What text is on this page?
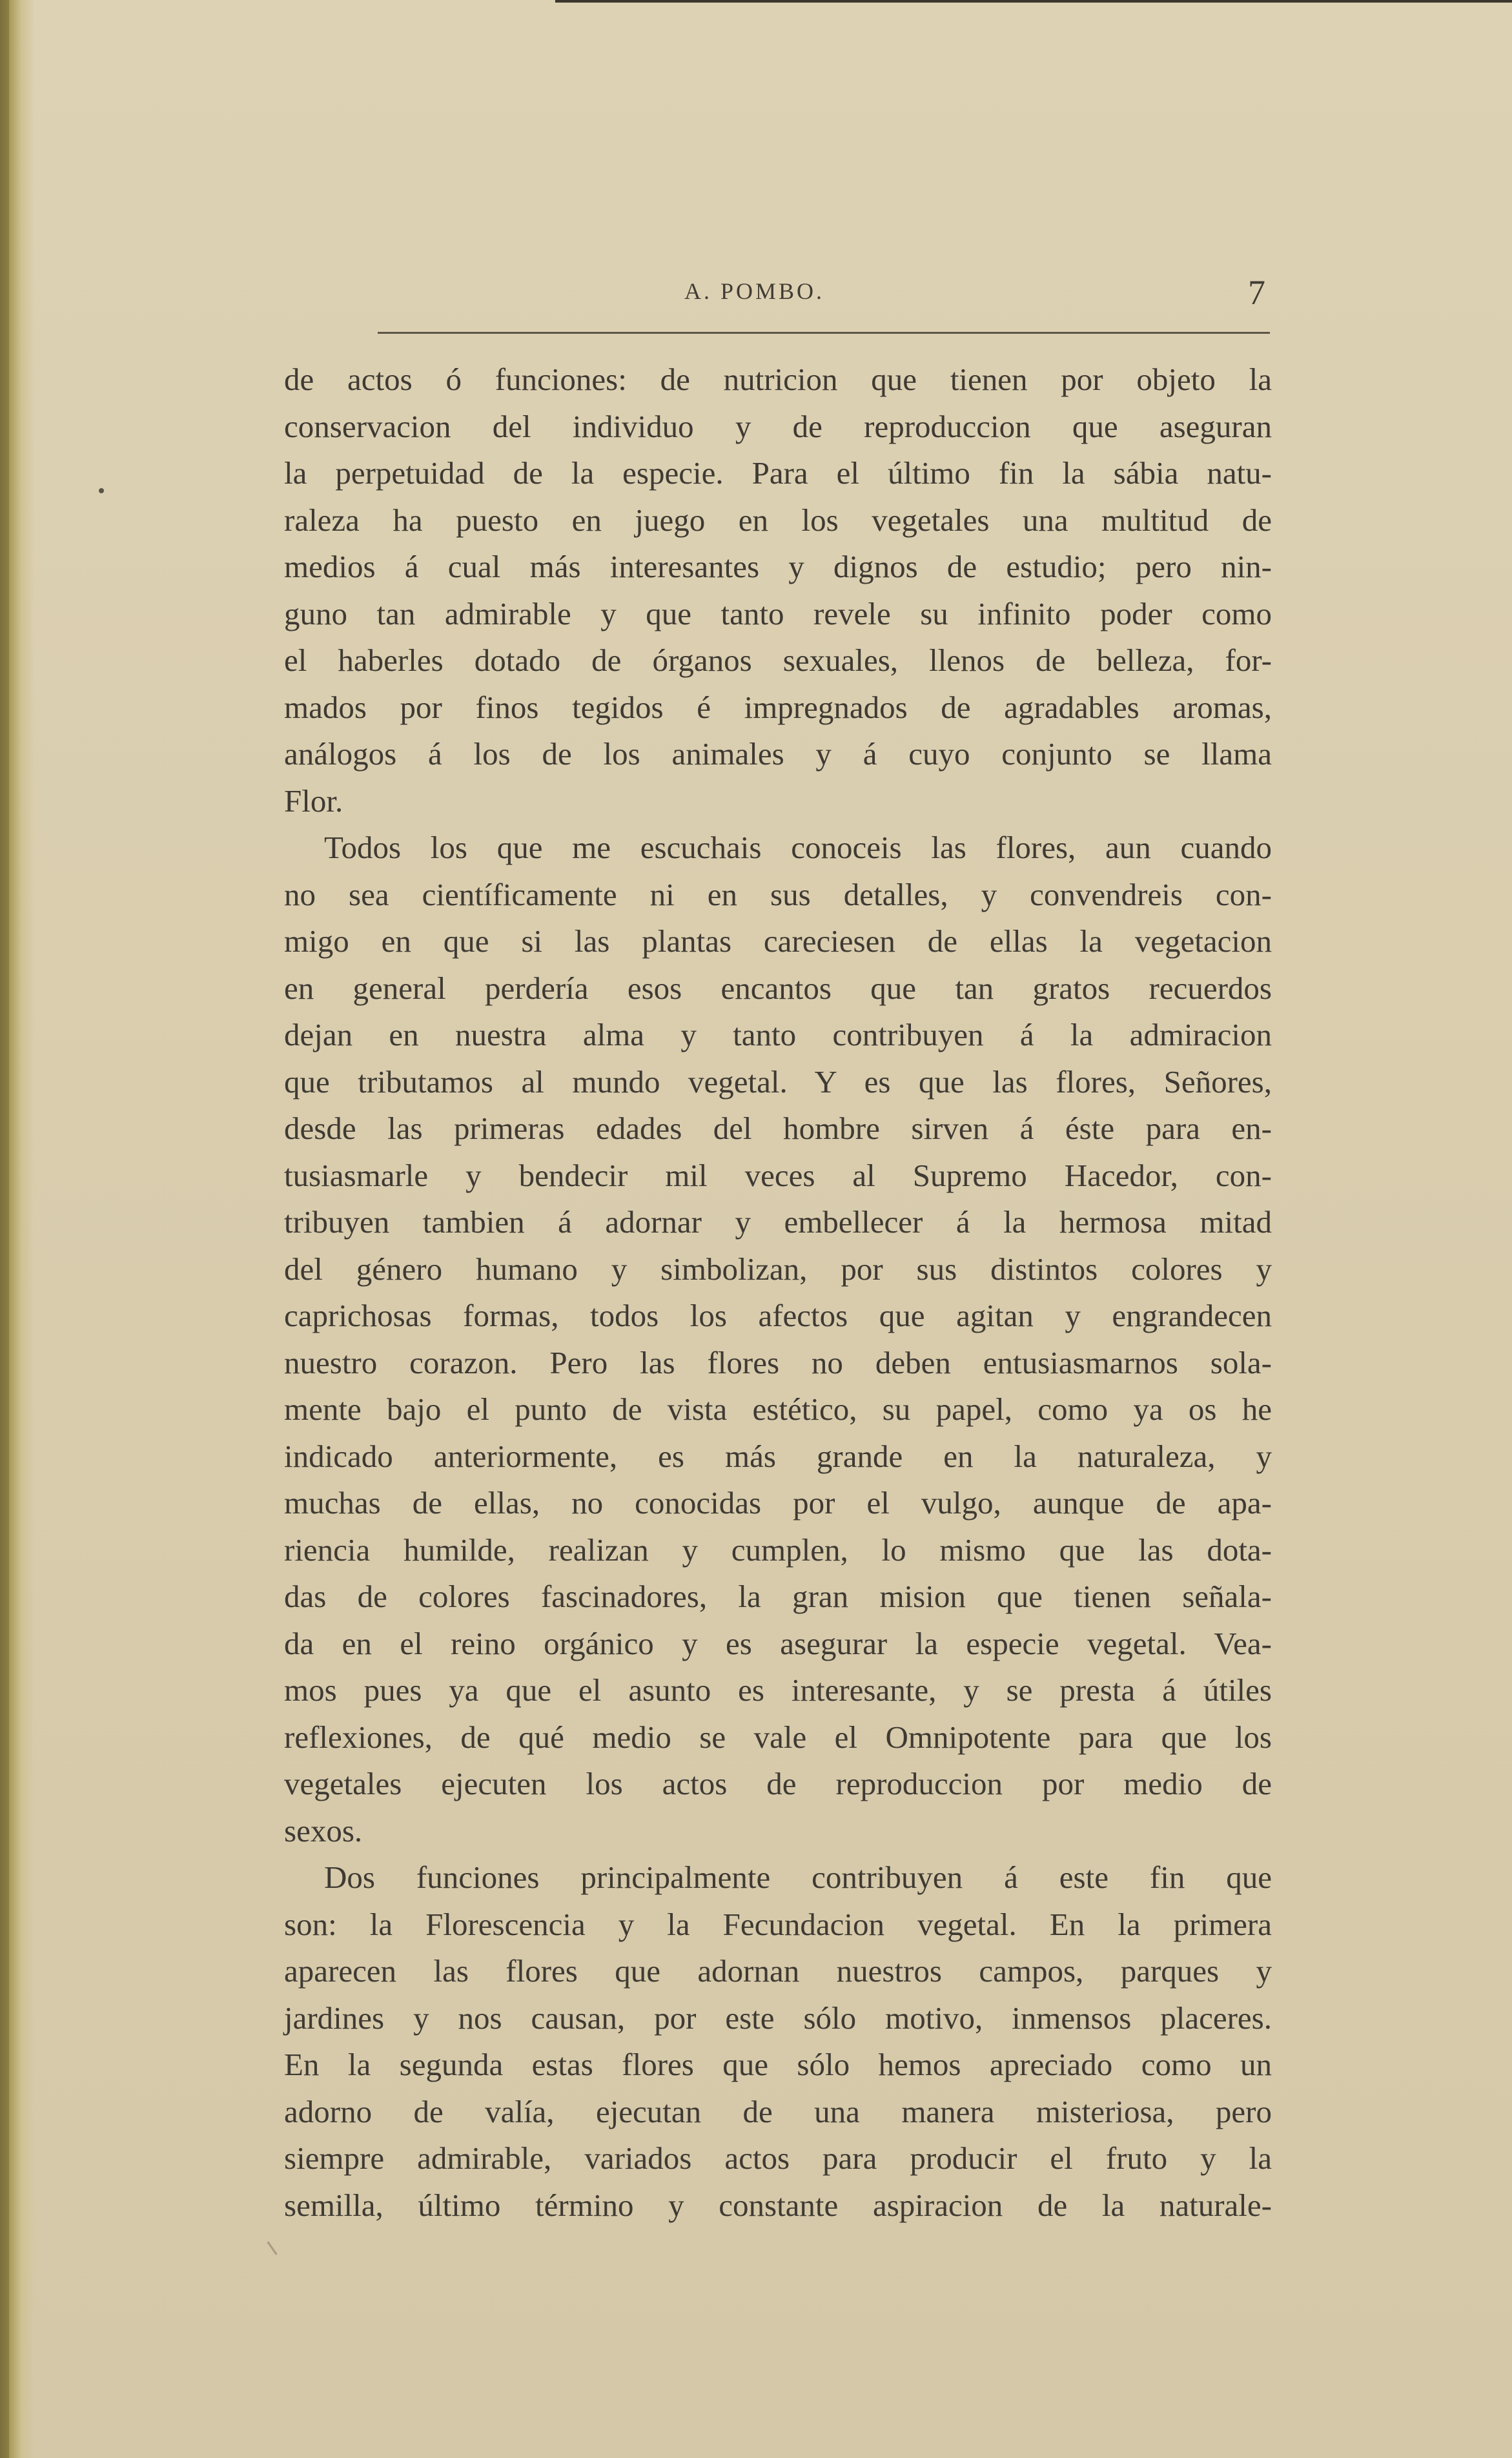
A. POMBO.	7
de actos ó funciones: de nutricion que tienen por objeto la
conservacion del individuo y de reproduccion que aseguran
la perpetuidad de la especie. Para el último fin la sábia natu-
raleza ha puesto en juego en los vegetales una multitud de
medios á cual más interesantes y dignos de estudio; pero nin-
guno tan admirable y que tanto revele su infinito poder como
el haberles dotado de órganos sexuales, llenos de belleza, for-
mados por finos tegidos é impregnados de agradables aromas,
análogos á los de los animales y á cuyo conjunto se llama
Flor.
Todos los que me escuchais conoceis las flores, aun cuando
no sea científicamente ni en sus detalles, y convendreis con-
migo en que si las plantas careciesen de ellas la vegetacion
en general perdería esos encantos que tan gratos recuerdos
dejan en nuestra alma y tanto contribuyen á la admiracion
que tributamos al mundo vegetal. Y es que las flores, Señores,
desde las primeras edades del hombre sirven á éste para en-
tusiasmarle y bendecir mil veces al Supremo Hacedor, con-
tribuyen tambien á adornar y embellecer á la hermosa mitad
del género humano y simbolizan, por sus distintos colores y
caprichosas formas, todos los afectos que agitan y engrandecen
nuestro corazon. Pero las flores no deben entusiasmarnos sola-
mente bajo el punto de vista estético, su papel, como ya os he
indicado anteriormente, es más grande en la naturaleza, y
muchas de ellas, no conocidas por el vulgo, aunque de apa-
riencia humilde, realizan y cumplen, lo mismo que las dota-
das de colores fascinadores, la gran mision que tienen señala-
da en el reino orgánico y es asegurar la especie vegetal. Vea-
mos pues ya que el asunto es interesante, y se presta á útiles
reflexiones, de qué medio se vale el Omnipotente para que los
vegetales ejecuten los actos de reproduccion por medio de
sexos.
Dos funciones principalmente contribuyen á este fin que
son: la Florescencia y la Fecundacion vegetal. En la primera
aparecen las flores que adornan nuestros campos, parques y
jardines y nos causan, por este sólo motivo, inmensos placeres.
En la segunda estas flores que sólo hemos apreciado como un
adorno de valía, ejecutan de una manera misteriosa, pero
siempre admirable, variados actos para producir el fruto y la
semilla, último término y constante aspiracion de la naturale-
